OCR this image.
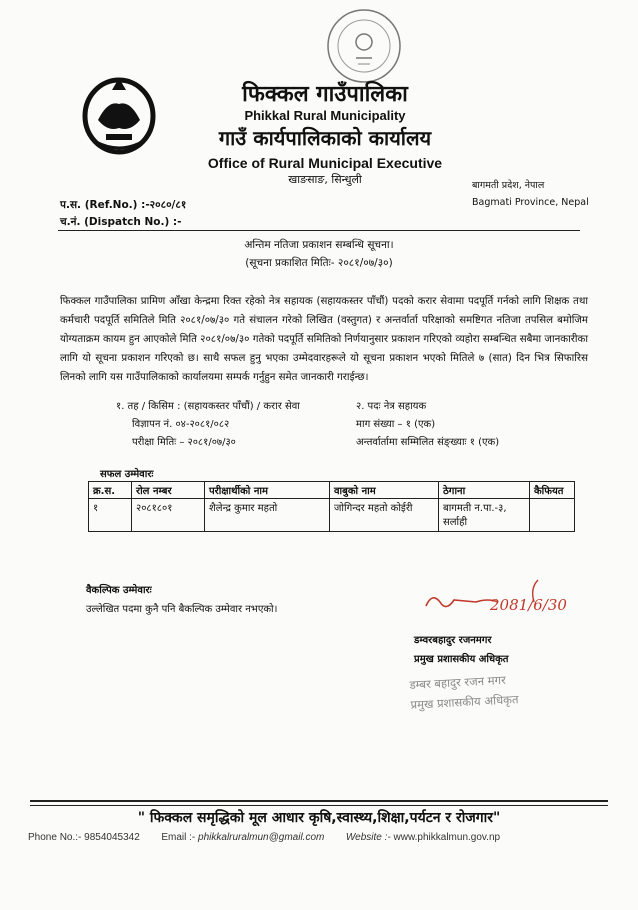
फिक्कल गाउँपालिका
Phikkal Rural Municipality
गाउँ कार्यपालिकाको कार्यालय
Office of Rural Municipal Executive
खाङसाङ, सिन्धुली	बागमती प्रदेश, नेपाल
Bagmati Province, Nepal
प.स. (Ref.No.) :-२०८०/८१
च.नं. (Dispatch No.) :-
अन्तिम नतिजा प्रकाशन सम्बन्धि सूचना।
(सूचना प्रकाशित मितिः- २०८१/०७/३०)
फिक्कल गाउँपालिका प्रामिण आँखा केन्द्रमा रिक्त रहेको नेत्र सहायक (सहायकस्तर पाँचौं) पदको करार सेवामा पदपूर्ति गर्नको लागि शिक्षक तथा कर्मचारी पदपूर्ति समितिले मिति २०८१/०७/३० गते संचालन गरेको लिखित (वस्तुगत) र अन्तर्वार्ता परिक्षाको समष्टिगत नतिजा तपसिल बमोजिम योग्यताक्रम कायम हुन आएकोले मिति २०८१/०७/३० गतेको पदपूर्ति समितिको निर्णयानुसार प्रकाशन गरिएको व्यहोरा सम्बन्धित सबैमा जानकारीका लागि यो सूचना प्रकाशन गरिएको छ। साथै सफल हुनु भएका उम्मेदवारहरूले यो सूचना प्रकाशन भएको मितिले ७ (सात) दिन भित्र सिफारिस लिनको लागि यस गाउँपालिकाको कार्यालयमा सम्पर्क गर्नुहुन समेत जानकारी गराईन्छ।
१. तह / किसिम : (सहायकस्तर पाँचौं) / करार सेवा
विज्ञापन नं. ०४-२०८१/०८२
परीक्षा मितिः – २०८१/०७/३०
२. पदः नेत्र सहायक
माग संख्या – १ (एक)
अन्तर्वार्तामा सम्मिलित संङ्ख्याः १ (एक)
सफल उम्मेवारः
क्र.स.	रोल नम्बर	परीक्षार्थीको नाम	वाबुको नाम	ठेगाना	कैफियत
१	२०८१८०१	शैलेन्द्र कुमार महतो	जोगिन्दर महतो कोईरी	बागमती न.पा.-३, सर्लाही	
वैकल्पिक उम्मेवारः
उल्लेखित पदमा कुनै पनि बैकल्पिक उम्मेवार नभएको।	2081/6/30
डम्वरबहादुर रजनमगर
प्रमुख प्रशासकीय अधिकृत
डम्बर बहादुर रजन मगर
प्रमुख प्रशासकीय अधिकृत
" फिक्कल समृद्धिको मूल आधार कृषि,स्वास्थ्य,शिक्षा,पर्यटन र रोजगार"
Phone No.:- 9854045342 Email :- phikkalruralmun@gmail.com Website :- www.phikkalmun.gov.np
